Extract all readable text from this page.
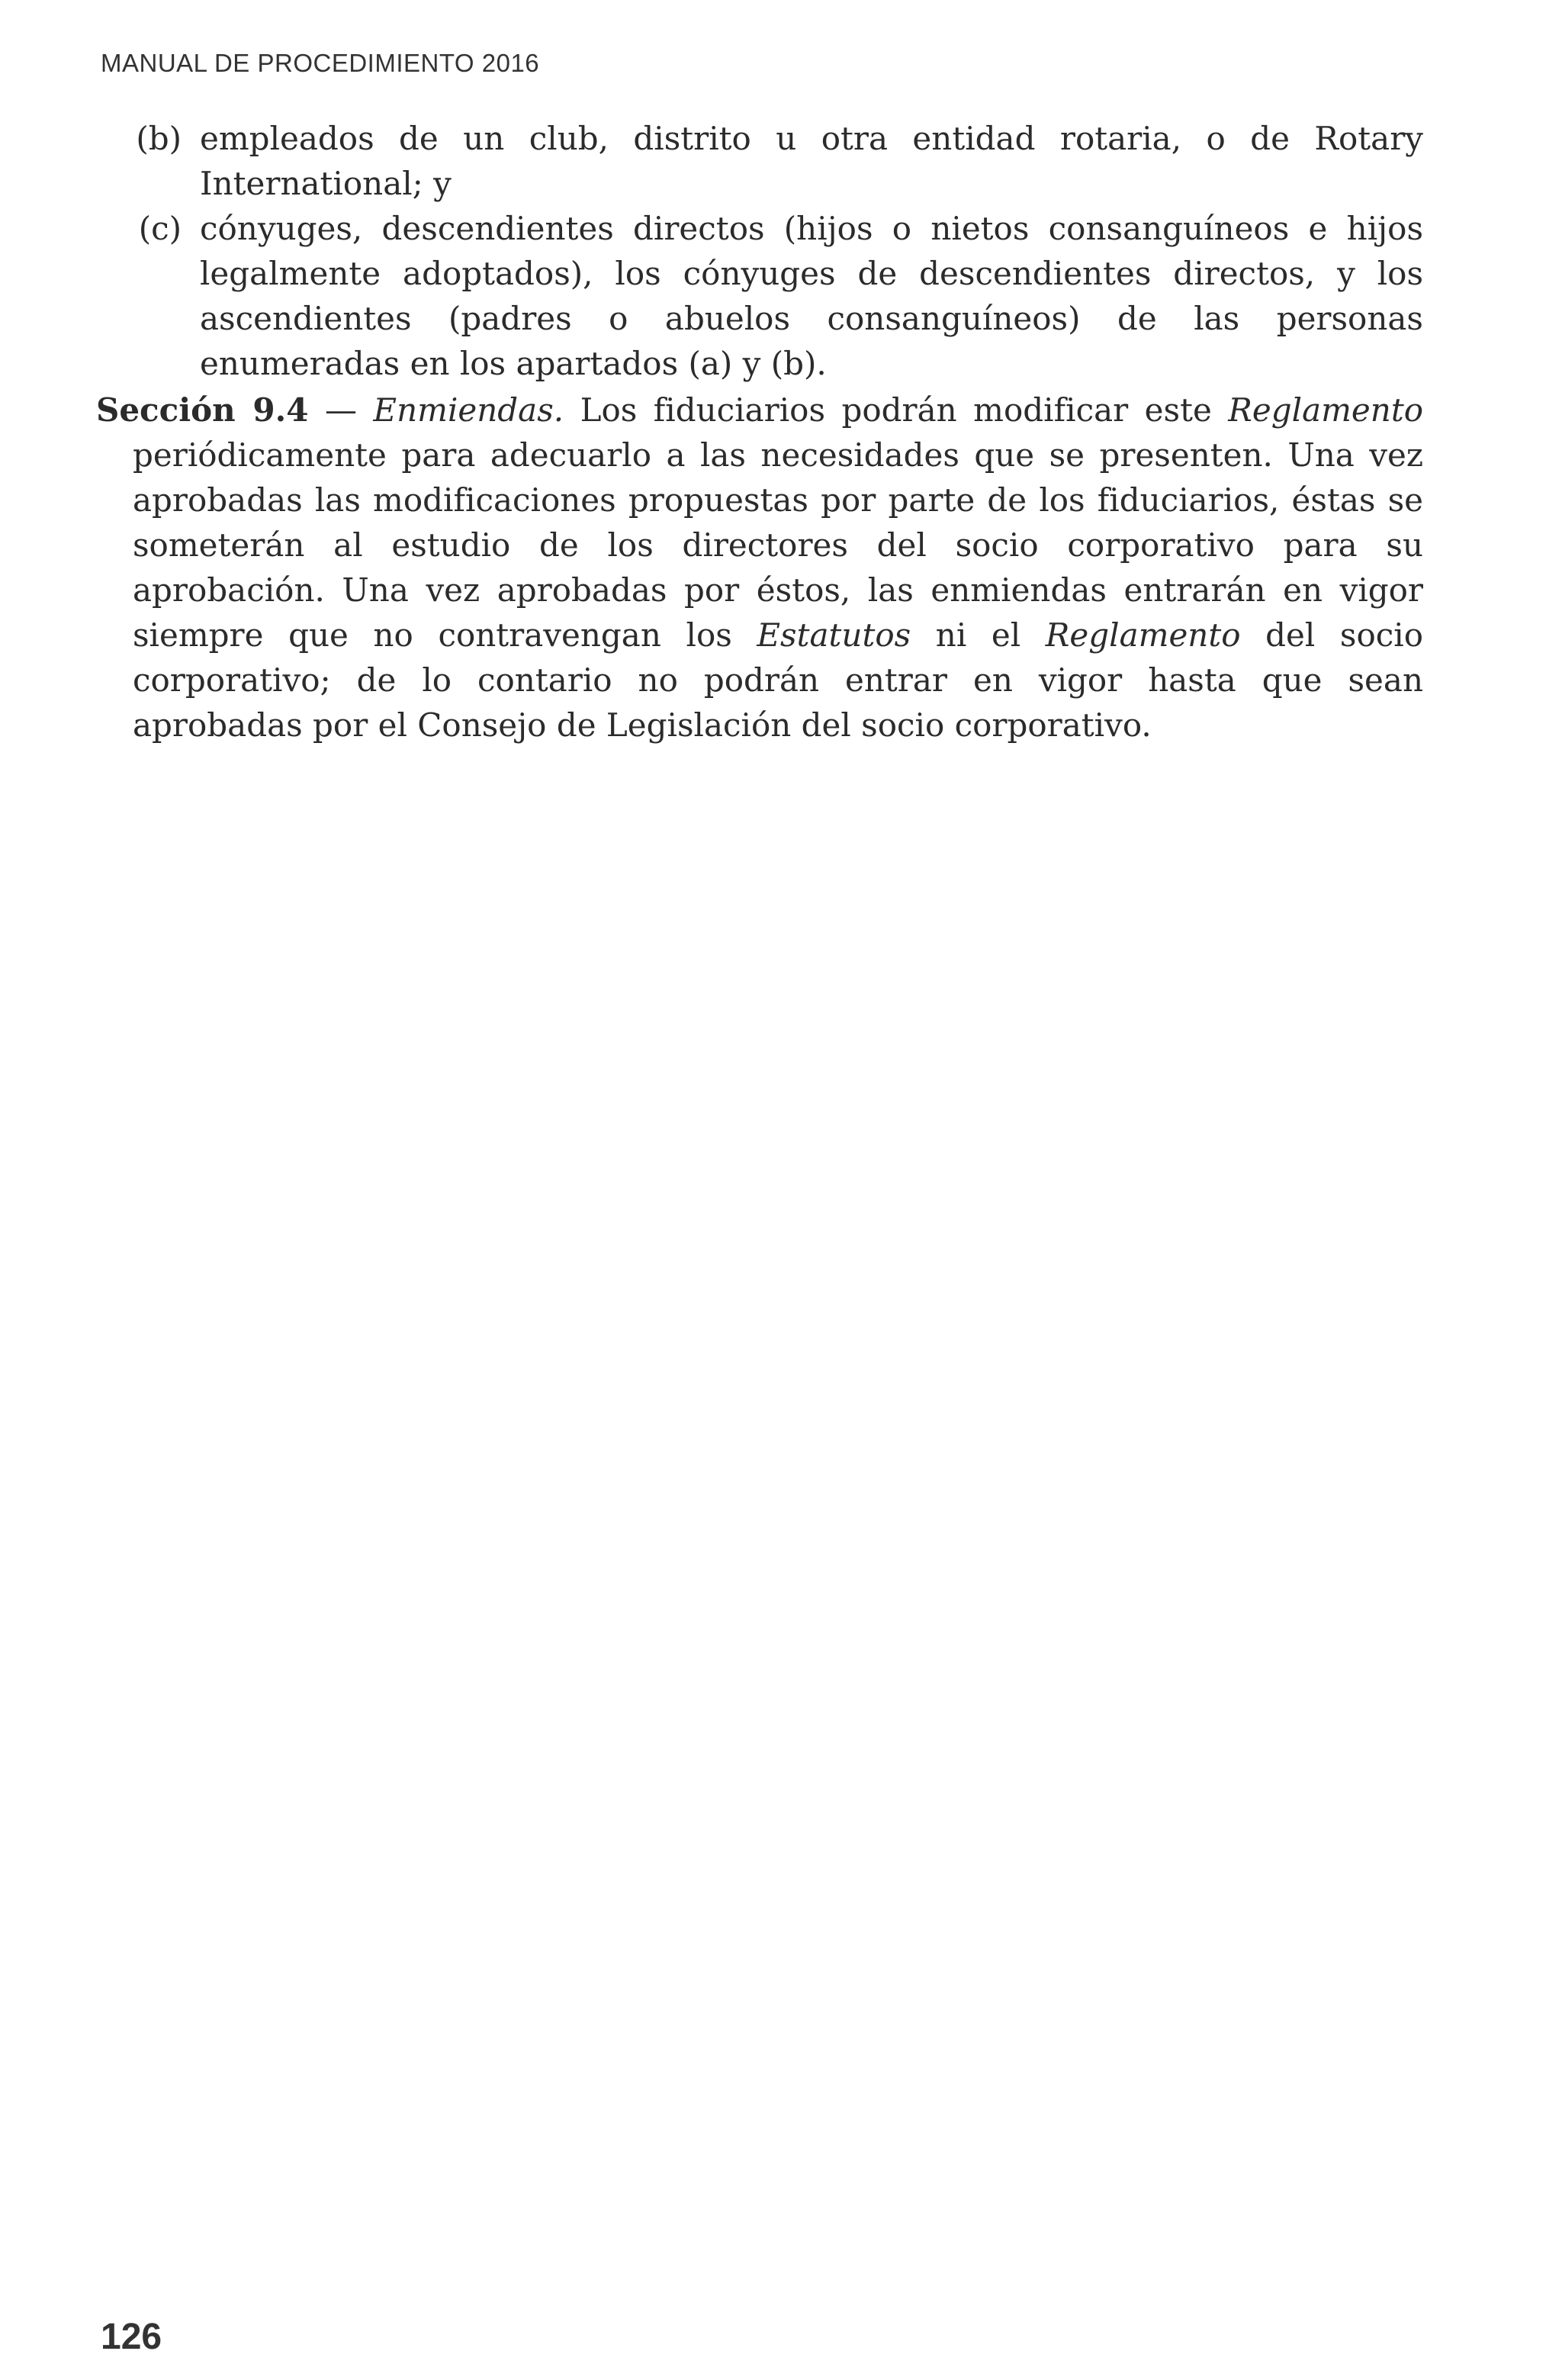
MANUAL DE PROCEDIMIENTO 2016
(b) empleados de un club, distrito u otra entidad rotaria, o de Rotary International; y
(c) cónyuges, descendientes directos (hijos o nietos consanguíneos e hijos legalmente adoptados), los cónyuges de descendientes directos, y los ascendientes (padres o abuelos consanguíneos) de las personas enumeradas en los apartados (a) y (b).

Sección 9.4 — Enmiendas. Los fiduciarios podrán modificar este Reglamento periódicamente para adecuarlo a las necesidades que se presenten. Una vez aprobadas las modificaciones propuestas por parte de los fiduciarios, éstas se someterán al estudio de los directores del socio corporativo para su aprobación. Una vez aprobadas por éstos, las enmiendas entrarán en vigor siempre que no contravengan los Estatutos ni el Reglamento del socio corporativo; de lo contario no podrán entrar en vigor hasta que sean aprobadas por el Consejo de Legislación del socio corporativo.

126
